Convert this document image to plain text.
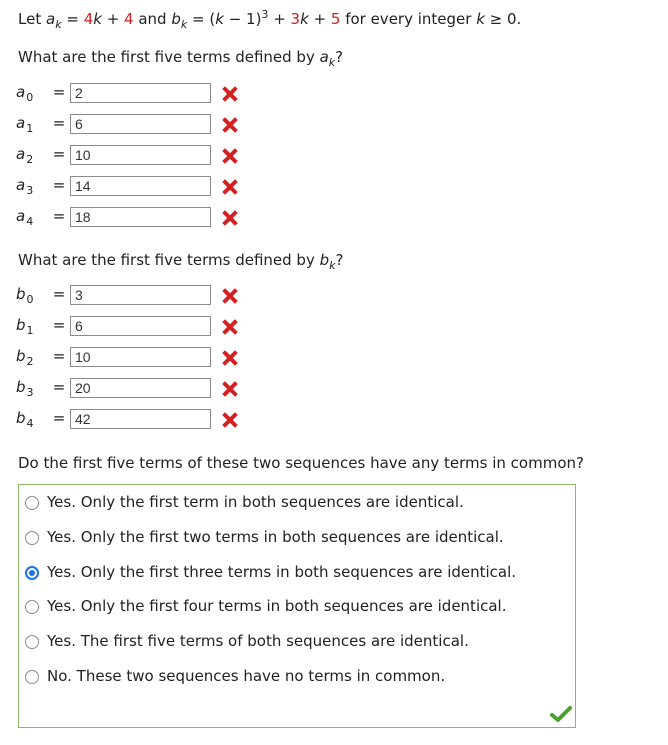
Let $a_k = 4k + 4$ and $b_k = (k - 1)^3 + 3k + 5$ for every integer k ≥ 0.
What are the first five terms defined by $a_k$?
$a_0$	= 2
$a_1$	= 6
$a_2$	= 10
$a_3$	= 14
$a_4$	= 18
What are the first five terms defined by $b_k$?
$b_0$	= 3
$b_1$	= 6
$b_2$	= 10
$b_3$	= 20
$b_4$	= 42
Do the first five terms of these two sequences have any terms in common?
Yes. Only the first term in both sequences are identical.
Yes. Only the first two terms in both sequences are identical.
Yes. Only the first three terms in both sequences are identical.
Yes. Only the first four terms in both sequences are identical.
Yes. The first five terms of both sequences are identical.
No. These two sequences have no terms in common.
